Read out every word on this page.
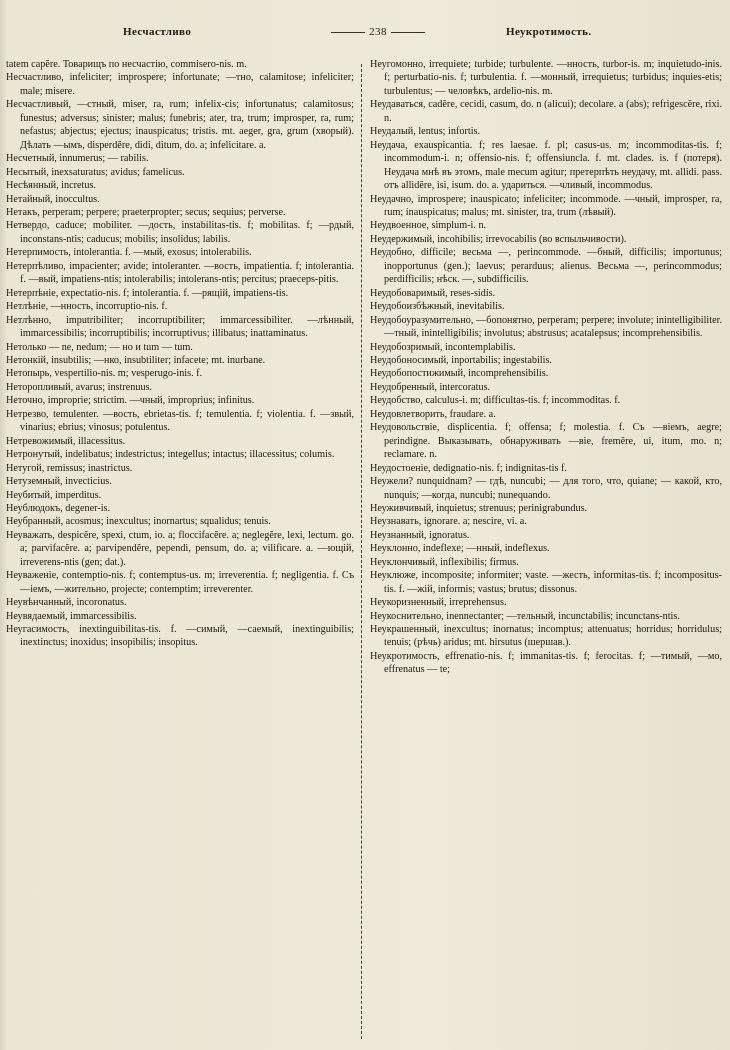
Несчастливо	238	Неукротимость.

tatem capĕre. Товарищъ по несчастію, commisero-nis. m.

Несчастливо, infeliciter; improspere; infortunate; —тно, calamitose; infeliciter; male; misere.

Несчастливый, —стный, miser, ra, rum; infelix-cis; infortunatus; calamitosus; funestus; adversus; sinister; malus; funebris; ater, tra, trum; improsper, ra, rum; nefastus; abjectus; ejectus; inauspicatus; tristis. mt. aeger, gra, grum (хворый). Дѣлать —ымъ, disperdĕre, didi, ditum, do. a; infelicitare. a.

Несчетный, innumerus; — rabilis.

Несытый, inexsaturatus; avidus; famelicus.

Несѣянный, incretus.

Нетайный, inocсultus.

Нетакъ, perperam; perpere; praeterpropter; secus; sequius; perverse.

Нетвердо, caduce; mobiliter. —дость, instabilitas-tis. f; mobilitas. f; —рдый, inconstans-ntis; caducus; mobilis; insolidus; labilis.

Нетерпимость, intolerantia. f. —мый, exosus; intolerabilis.

Нетерпѣливо, impacienter; avide; intoleranter. —вость, impatientia. f; intolerantia. f. —вый, impatiens-ntis; intolerabilis; intolerans-ntis; percitus; praeceps-pitis.

Нетерпѣніе, expectatio-nis. f; intolerantia. f. —рящій, impatiens-tis.

Нетлѣніе, —нность, incorruptio-nis. f.

Нетлѣнно, imputribiliter; incorruptibiliter; immarcessibiliter. —лѣнный, immarcessibilis; incorruptibilis; incorruptivus; illibatus; inattaminatus.

Нетолько — ne, nedum; — но и tum — tum.

Нетонкій, insubtilis; —нко, insubtiliter; infacete; mt. inurbane.

Нетопырь, vespertilio-nis. m; vesperugo-inis. f.

Неторопливый, avarus; instrenuus.

Неточно, improprie; strictim. —чный, improprius; infinitus.

Нетрезво, temulenter. —вость, ebrietas-tis. f; temulentia. f; violentia. f. —звый, vinarius; ebrius; vinosus; potulentus.

Нетревожимый, illacessitus.

Нетронутый, indelibatus; indestrictus; integellus; intactus; illacessitus; columis.

Нетугой, remissus; inastrictus.

Нетуземный, invecticius.

Неубитый, imperditus.

Неублюдокъ, degener-is.

Неубранный, acosmus; inexcultus; inornartus; squalidus; tenuis.

Неуважать, despicĕre, spexi, ctum, io. a; floccifacĕre. a; neglegĕre, lexi, lectum. go. a; parvifacĕre. a; parvipendĕre, pependi, pensum, do. a; vilificare. a. —ющій, irreverens-ntis (gen; dat.).

Неуваженіе, contemptio-nis. f; contemptus-us. m; irreverentia. f; negligentia. f. Съ —іемъ, —жительно, projecte; contemptim; irreverenter.

Неувѣнчанный, incoronatus.

Неувядаемый, immarcessibilis.

Неугасимость, inextinguibilitas-tis. f. —симый, —саемый, inextinguibilis; inextinctus; inoxidus; insopibilis; insopitus.

Неугомонно, irrequiete; turbide; turbulente. —нность, turbor-is. m; inquietudo-inis. f; perturbatio-nis. f; turbulentia. f. —монный, irrequietus; turbidus; inquies-etis; turbulentus; — человѣкъ, ardelio-nis. m.

Неудаваться, cadĕre, cecidi, casum, do. n (alicui); decolare. a (abs); refrigescĕre, rixi. n.

Неудалый, lentus; infortis.

Неудача, exauspicantia. f; res laesae. f. pl; casus-us. m; incommoditas-tis. f; incommodum-i. n; offensio-nis. f; offensiuncla. f. mt. clades. is. f (потеря). Неудача мнѣ въ этомъ, male mecum agitur; претерпѣть неудачу, mt. allidi. pass. отъ allidĕre, isi, isum. do. a. удариться. —чливый, incommodus.

Неудачно, improspere; inauspicato; infeliciter; incommode. —чный, improsper, ra, rum; inauspicatus; malus; mt. sinister, tra, trum (лѣвый).

Неудвоенное, simplum-i. n.

Неудержимый, incohibilis; irrevocabilis (во вспыльчивости).

Неудобно, difficile; весьма —, perincommode. —бный, difficilis; importunus; inopportunus (gen.); laevus; perarduus; alienus. Весьма —, perincommodus; perdifficilis; нѣск. —, subdifficilis.

Неудобоваримый, reses-sidis.

Неудобоизбѣжный, inevitabilis.

Неудобоуразумительно, —бопонятно, perperam; perpere; involute; inintelligibiliter. —тный, inintelligibilis; involutus; abstrusus; acatalepsus; incomprehensibilis.

Неудобозримый, incontemplabilis.

Неудобоносимый, inportabilis; ingestabilis.

Неудобопостижимый, incomprehensibilis.

Неудобренный, intercoratus.

Неудобство, calculus-i. m; difficultas-tis. f; incommoditas. f.

Неудовлетворить, fraudare. a.

Неудовольствіе, displicentia. f; offensa; f; molestia. f. Съ —віемъ, aegre; perindigne. Выказывать, обнаруживать —віе, fremĕre, ui, itum, mo. n; reclamare. n.

Неудостоеніе, dedignatio-nis. f; indignitas-tis f.

Неужели? nunquidnam? — гдѣ, nuncubi; — для того, что, quiane; — какой, кто, nunquis; —когда, nuncubi; nunequando.

Неуживчивый, inquietus; strenuus; perinigrabundus.

Неузнавать, ignorare. a; nescire, vi. a.

Неузнанный, ignoratus.

Неуклонно, indeflexe; —нный, indeflexus.

Неуклончивый, inflexibilis; firmus.

Неуклюже, incomposite; informiter; vaste. —жесть, informitas-tis. f; incompositus-tis. f. —жій, informis; vastus; brutus; dissonus.

Неукоризненный, irreprehensus.

Неукоснительно, inennectanter; —тельный, incunctabilis; incunctans-ntis.

Неукрашенный, inexcultus; inornatus; incomptus; attenuatus; horridus; horridulus; tenuis; (рѣчь) aridus; mt. hirsutus (шершав.).

Неукротимость, effrenatio-nis. f; immanitas-tis. f; ferocitas. f; —тимый, —мо, effrenatus — te;
